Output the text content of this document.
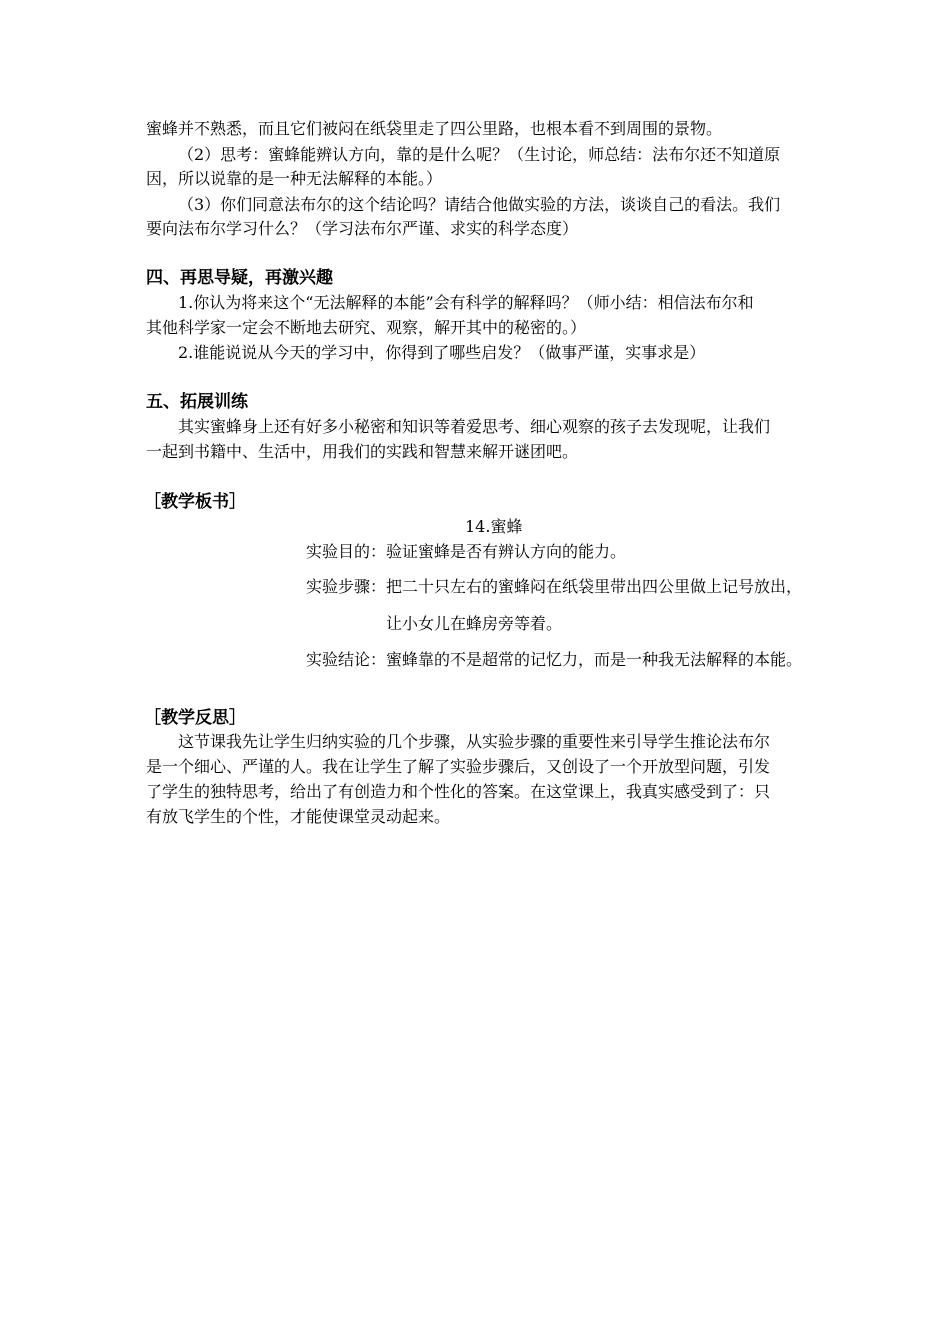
蜜蜂并不熟悉，而且它们被闷在纸袋里走了四公里路，也根本看不到周围的景物。
（2）思考：蜜蜂能辨认方向，靠的是什么呢？（生讨论，师总结：法布尔还不知道原
因，所以说靠的是一种无法解释的本能。）
（3）你们同意法布尔的这个结论吗？请结合他做实验的方法，谈谈自己的看法。我们
要向法布尔学习什么？（学习法布尔严谨、求实的科学态度）
四、再思导疑，再激兴趣
1.你认为将来这个“无法解释的本能”会有科学的解释吗？（师小结：相信法布尔和
其他科学家一定会不断地去研究、观察，解开其中的秘密的。）
2.谁能说说从今天的学习中，你得到了哪些启发？（做事严谨，实事求是）
五、拓展训练
其实蜜蜂身上还有好多小秘密和知识等着爱思考、细心观察的孩子去发现呢，让我们
一起到书籍中、生活中，用我们的实践和智慧来解开谜团吧。
［教学板书］
14.蜜蜂
实验目的：验证蜜蜂是否有辨认方向的能力。
实验步骤：把二十只左右的蜜蜂闷在纸袋里带出四公里做上记号放出，
让小女儿在蜂房旁等着。
实验结论：蜜蜂靠的不是超常的记忆力，而是一种我无法解释的本能。
［教学反思］
这节课我先让学生归纳实验的几个步骤，从实验步骤的重要性来引导学生推论法布尔
是一个细心、严谨的人。我在让学生了解了实验步骤后，又创设了一个开放型问题，引发
了学生的独特思考，给出了有创造力和个性化的答案。在这堂课上，我真实感受到了：只
有放飞学生的个性，才能使课堂灵动起来。
